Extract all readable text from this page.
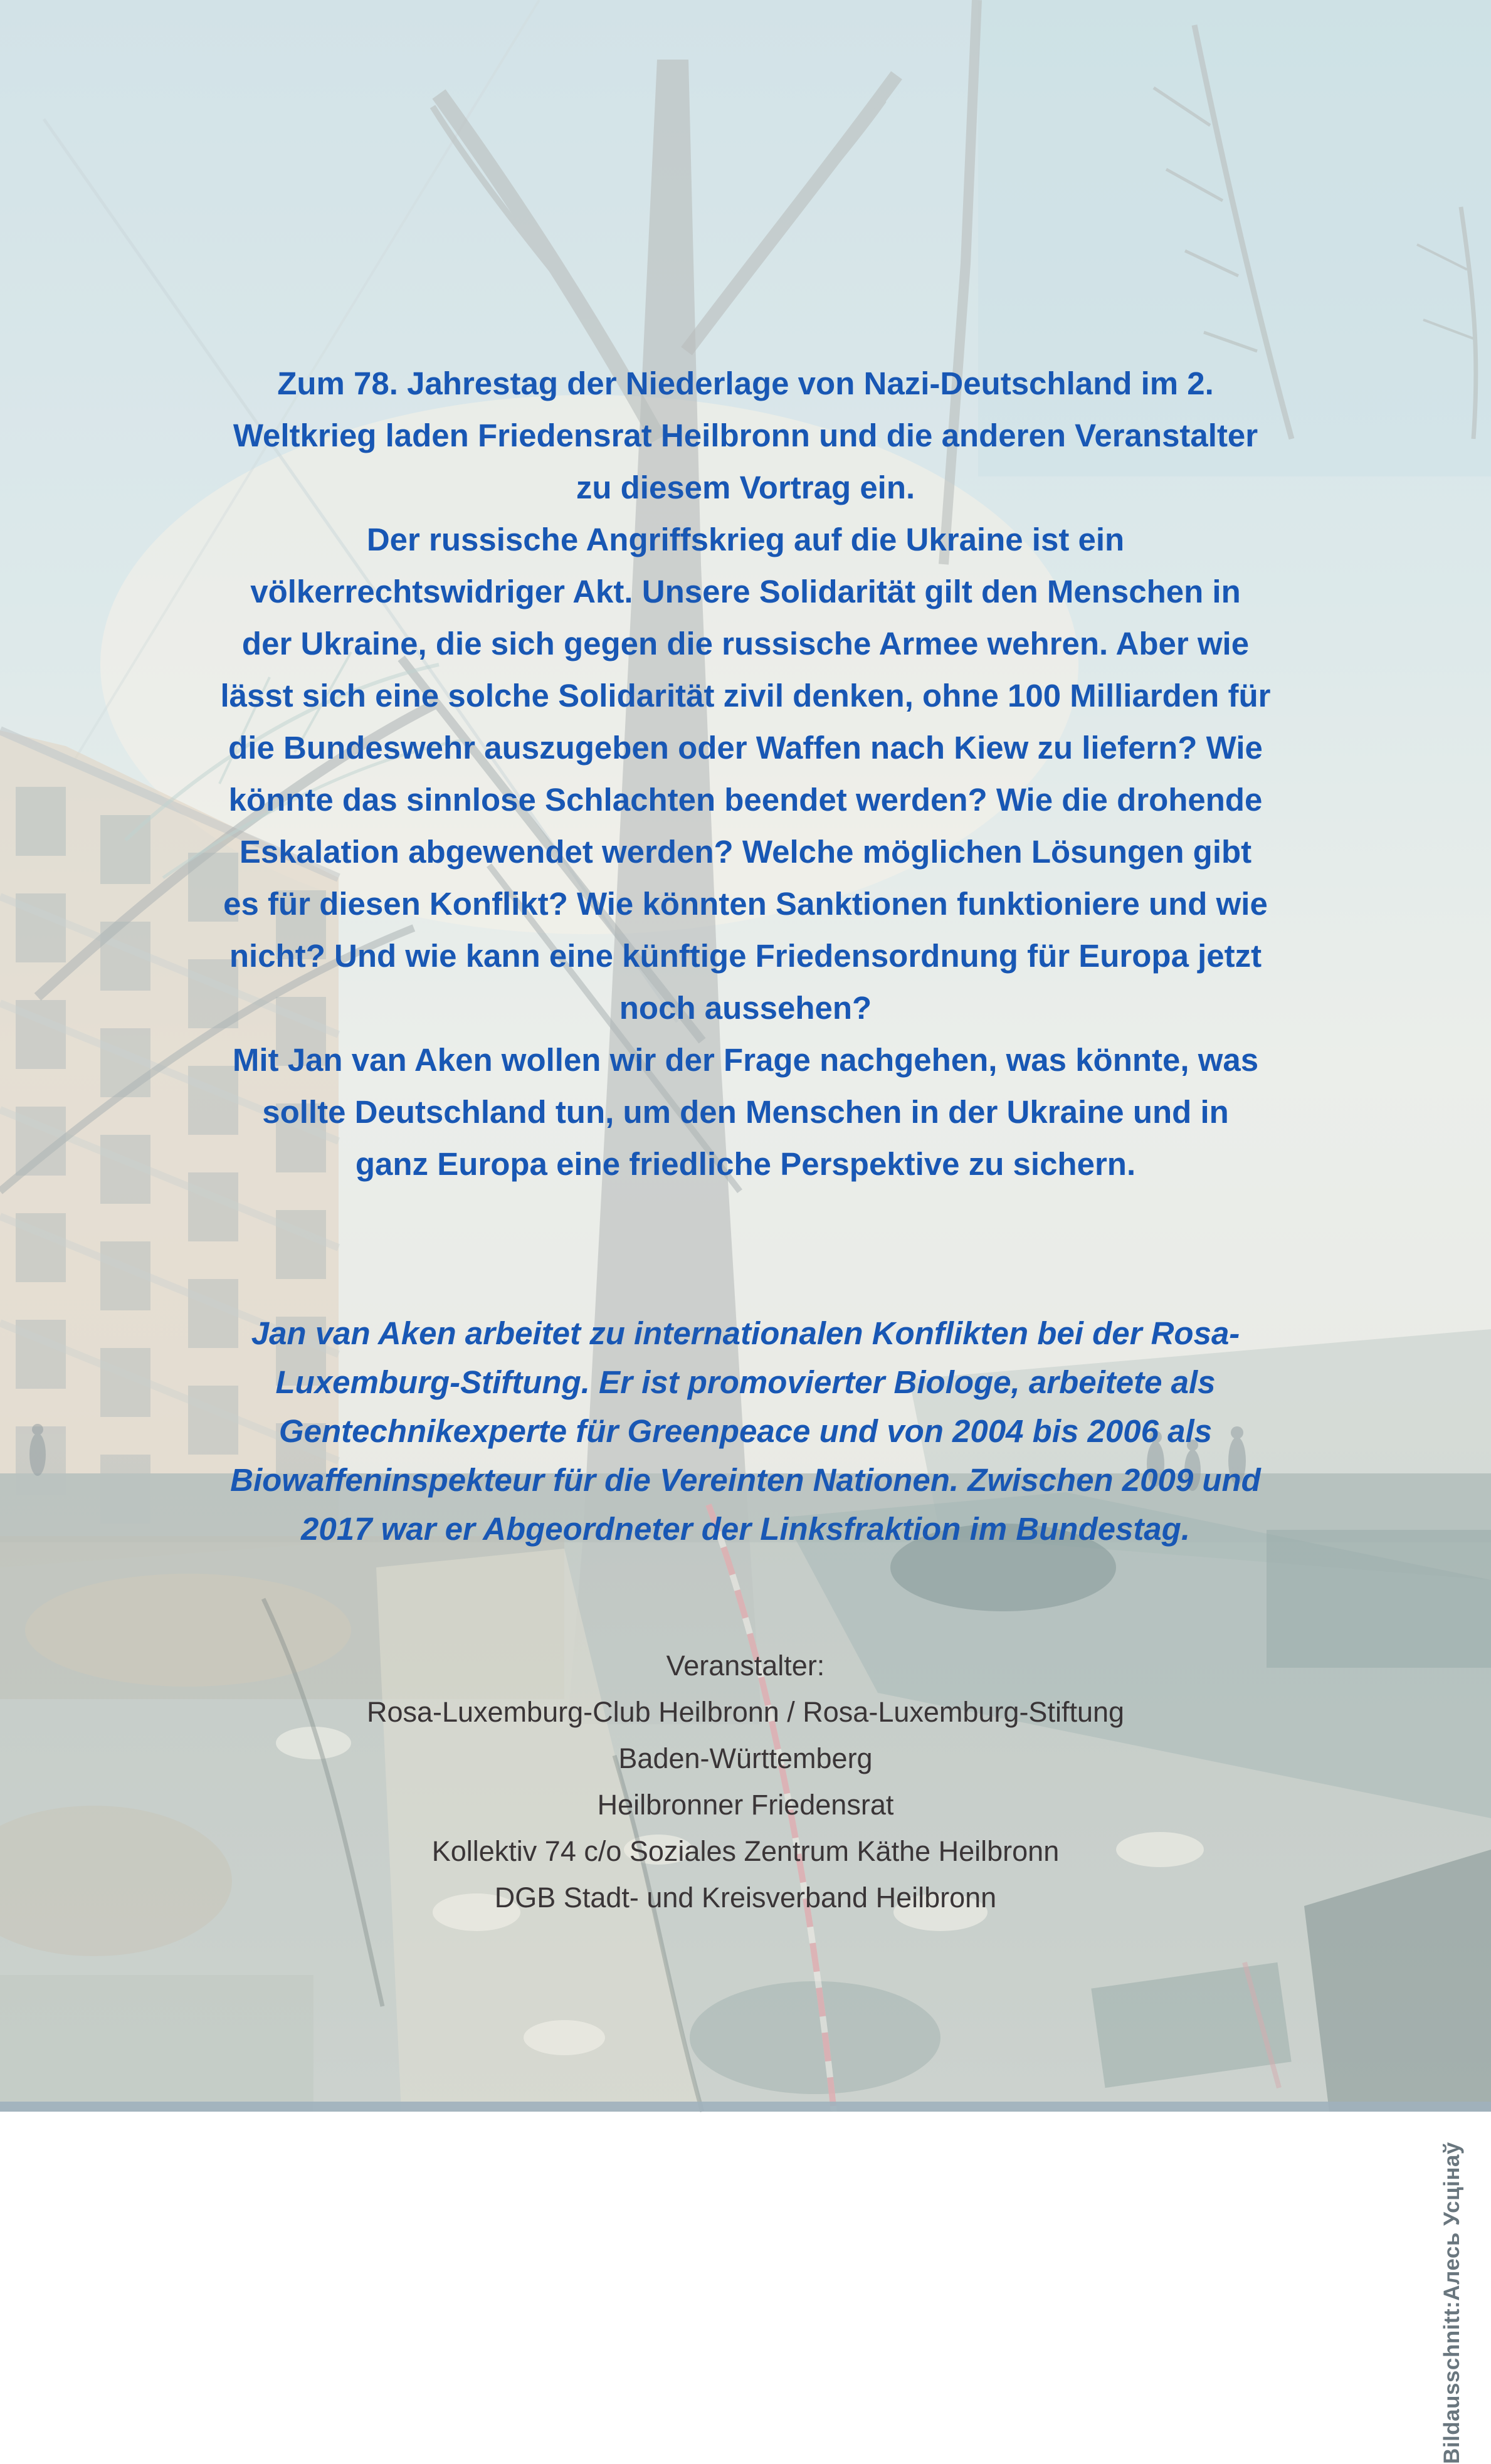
Zum 78. Jahrestag der Niederlage von Nazi-Deutschland im 2.
Weltkrieg laden Friedensrat Heilbronn und die anderen Veranstalter
zu diesem Vortrag ein.
Der russische Angriffskrieg auf die Ukraine ist ein
völkerrechtswidriger Akt. Unsere Solidarität gilt den Menschen in
der Ukraine, die sich gegen die russische Armee wehren. Aber wie
lässt sich eine solche Solidarität zivil denken, ohne 100 Milliarden für
die Bundeswehr auszugeben oder Waffen nach Kiew zu liefern? Wie
könnte das sinnlose Schlachten beendet werden? Wie die drohende
Eskalation abgewendet werden? Welche möglichen Lösungen gibt
es für diesen Konflikt? Wie könnten Sanktionen funktioniere und wie
nicht? Und wie kann eine künftige Friedensordnung für Europa jetzt
noch aussehen?
Mit Jan van Aken wollen wir der Frage nachgehen, was könnte, was
sollte Deutschland tun, um den Menschen in der Ukraine und in
ganz Europa eine friedliche Perspektive zu sichern.
Jan van Aken arbeitet zu internationalen Konflikten bei der Rosa-
Luxemburg-Stiftung. Er ist promovierter Biologe, arbeitete als
Gentechnikexperte für Greenpeace und von 2004 bis 2006 als
Biowaffeninspekteur für die Vereinten Nationen. Zwischen 2009 und
2017 war er Abgeordneter der Linksfraktion im Bundestag.
Veranstalter:
Rosa-Luxemburg-Club Heilbronn / Rosa-Luxemburg-Stiftung
Baden-Württemberg
Heilbronner Friedensrat
Kollektiv 74 c/o Soziales Zentrum Käthe Heilbronn
DGB Stadt- und Kreisverband Heilbronn
Bildausschnitt:Алесь Усцінаў
